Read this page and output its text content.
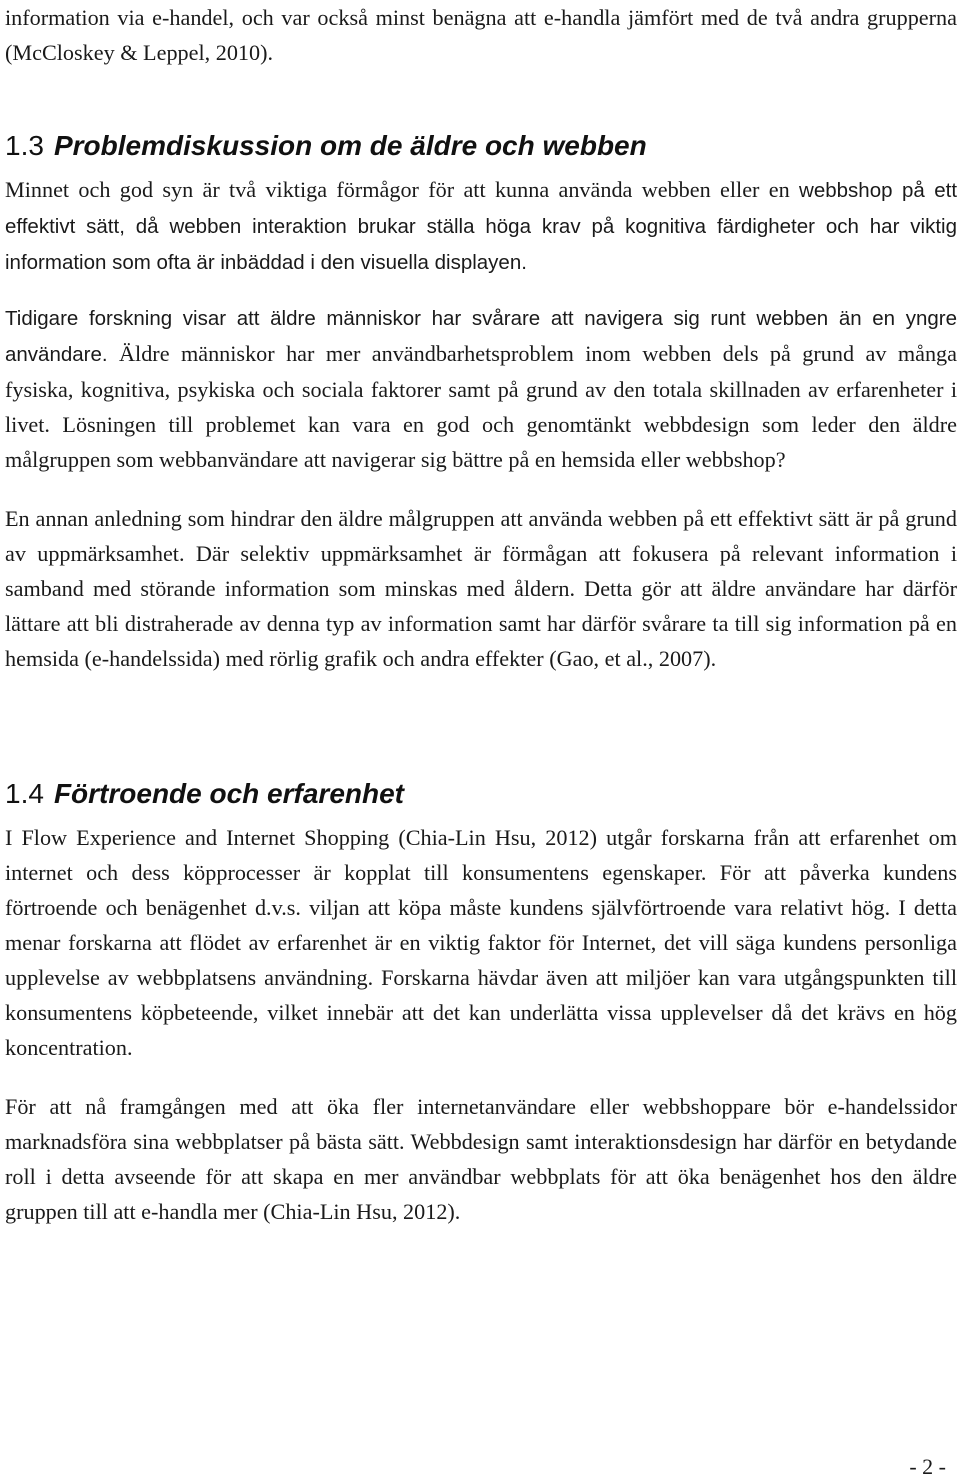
information via e-handel, och var också minst benägna att e-handla jämfört med de två andra grupperna (McCloskey & Leppel, 2010).

1.3 Problemdiskussion om de äldre och webben

Minnet och god syn är två viktiga förmågor för att kunna använda webben eller en webbshop på ett effektivt sätt, då webben interaktion brukar ställa höga krav på kognitiva färdigheter och har viktig information som ofta är inbäddad i den visuella displayen.

Tidigare forskning visar att äldre människor har svårare att navigera sig runt webben än en yngre användare. Äldre människor har mer användbarhetsproblem inom webben dels på grund av många fysiska, kognitiva, psykiska och sociala faktorer samt på grund av den totala skillnaden av erfarenheter i livet. Lösningen till problemet kan vara en god och genomtänkt webbdesign som leder den äldre målgruppen som webbanvändare att navigerar sig bättre på en hemsida eller webbshop?

En annan anledning som hindrar den äldre målgruppen att använda webben på ett effektivt sätt är på grund av uppmärksamhet. Där selektiv uppmärksamhet är förmågan att fokusera på relevant information i samband med störande information som minskas med åldern. Detta gör att äldre användare har därför lättare att bli distraherade av denna typ av information samt har därför svårare ta till sig information på en hemsida (e-handelssida) med rörlig grafik och andra effekter (Gao, et al., 2007).

1.4 Förtroende och erfarenhet

I Flow Experience and Internet Shopping (Chia-Lin Hsu, 2012) utgår forskarna från att erfarenhet om internet och dess köpprocesser är kopplat till konsumentens egenskaper. För att påverka kundens förtroende och benägenhet d.v.s. viljan att köpa måste kundens självförtroende vara relativt hög. I detta menar forskarna att flödet av erfarenhet är en viktig faktor för Internet, det vill säga kundens personliga upplevelse av webbplatsens användning. Forskarna hävdar även att miljöer kan vara utgångspunkten till konsumentens köpbeteende, vilket innebär att det kan underlätta vissa upplevelser då det krävs en hög koncentration.

För att nå framgången med att öka fler internetanvändare eller webbshoppare bör e-handelssidor marknadsföra sina webbplatser på bästa sätt. Webbdesign samt interaktionsdesign har därför en betydande roll i detta avseende för att skapa en mer användbar webbplats för att öka benägenhet hos den äldre gruppen till att e-handla mer (Chia-Lin Hsu, 2012).

- 2 -
